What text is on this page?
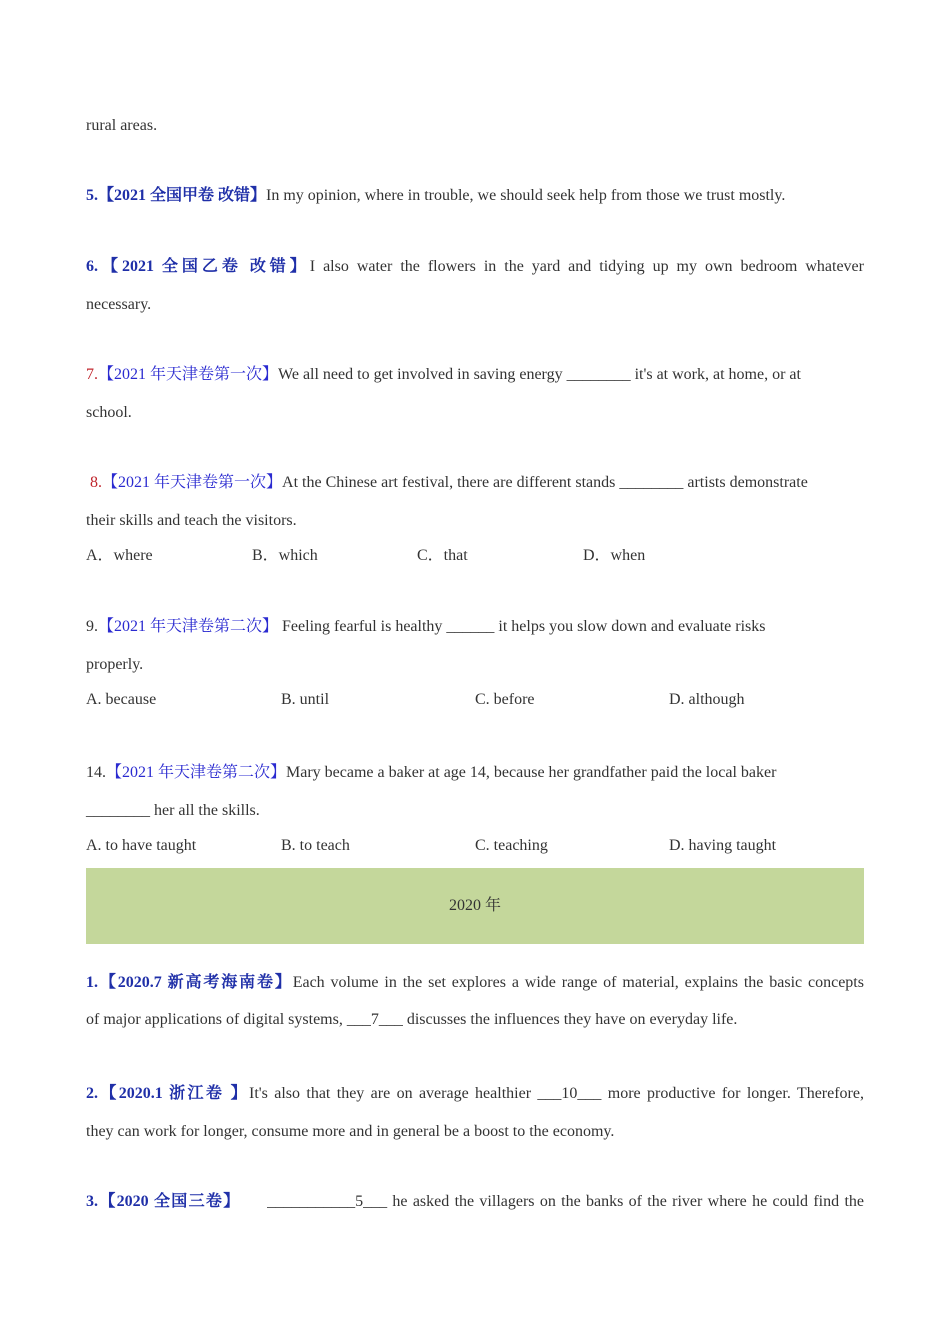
rural areas.
5.【2021 全国甲卷 改错】In my opinion, where in trouble, we should seek help from those we trust mostly.
6.【2021 全国乙卷 改错】I also water the flowers in the yard and tidying up my own bedroom whatever
necessary.
7.【2021 年天津卷第一次】We all need to get involved in saving energy ________ it's at work, at home, or at
school.
8.【2021 年天津卷第一次】At the Chinese art festival, there are different stands ________ artists demonstrate
their skills and teach the visitors.
A．where	B．which	C．that	D．when
9.【2021 年天津卷第二次】 Feeling fearful is healthy ______ it helps you slow down and evaluate risks
properly.
A. because	B. until	C. before	D. although
14.【2021 年天津卷第二次】Mary became a baker at age 14, because her grandfather paid the local baker
________ her all the skills.
A. to have taught	B. to teach	C. teaching	D. having taught
2020 年
1.【2020.7 新高考海南卷】Each volume in the set explores a wide range of material, explains the basic concepts
of major applications of digital systems, ___7___ discusses the influences they have on everyday life.
2.【2020.1 浙江卷 】It's also that they are on average healthier ___10___ more productive for longer. Therefore,
they can work for longer, consume more and in general be a boost to the economy.
3.【2020 全国三卷】 ___________5___ he asked the villagers on the banks of the river where he could find the
